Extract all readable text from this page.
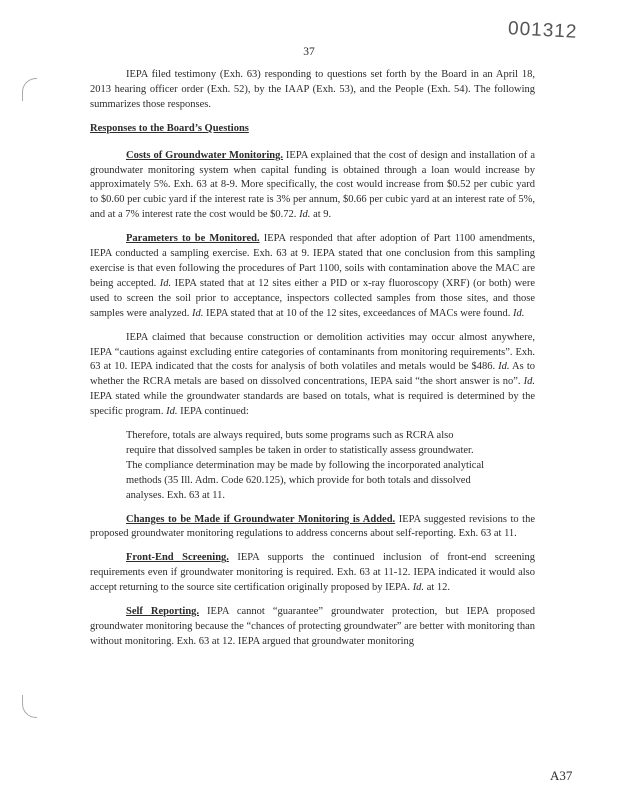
001312
37

IEPA filed testimony (Exh. 63) responding to questions set forth by the Board in an April 18, 2013 hearing officer order (Exh. 52), by the IAAP (Exh. 53), and the People (Exh. 54). The following summarizes those responses.

Responses to the Board’s Questions

Costs of Groundwater Monitoring. IEPA explained that the cost of design and installation of a groundwater monitoring system when capital funding is obtained through a loan would increase by approximately 5%. Exh. 63 at 8-9. More specifically, the cost would increase from $0.52 per cubic yard to $0.60 per cubic yard if the interest rate is 3% per annum, $0.66 per cubic yard at an interest rate of 5%, and at a 7% interest rate the cost would be $0.72. Id. at 9.

Parameters to be Monitored. IEPA responded that after adoption of Part 1100 amendments, IEPA conducted a sampling exercise. Exh. 63 at 9. IEPA stated that one conclusion from this sampling exercise is that even following the procedures of Part 1100, soils with contamination above the MAC are being accepted. Id. IEPA stated that at 12 sites either a PID or x-ray fluoroscopy (XRF) (or both) were used to screen the soil prior to acceptance, inspectors collected samples from those sites, and those samples were analyzed. Id. IEPA stated that at 10 of the 12 sites, exceedances of MACs were found. Id.

IEPA claimed that because construction or demolition activities may occur almost anywhere, IEPA “cautions against excluding entire categories of contaminants from monitoring requirements”. Exh. 63 at 10. IEPA indicated that the costs for analysis of both volatiles and metals would be $486. Id. As to whether the RCRA metals are based on dissolved concentrations, IEPA said “the short answer is no”. Id. IEPA stated while the groundwater standards are based on totals, what is required is determined by the specific program. Id. IEPA continued:

Therefore, totals are always required, buts some programs such as RCRA also require that dissolved samples be taken in order to statistically assess groundwater. The compliance determination may be made by following the incorporated analytical methods (35 Ill. Adm. Code 620.125), which provide for both totals and dissolved analyses. Exh. 63 at 11.

Changes to be Made if Groundwater Monitoring is Added. IEPA suggested revisions to the proposed groundwater monitoring regulations to address concerns about self-reporting. Exh. 63 at 11.

Front-End Screening. IEPA supports the continued inclusion of front-end screening requirements even if groundwater monitoring is required. Exh. 63 at 11-12. IEPA indicated it would also accept returning to the source site certification originally proposed by IEPA. Id. at 12.

Self Reporting. IEPA cannot “guarantee” groundwater protection, but IEPA proposed groundwater monitoring because the “chances of protecting groundwater” are better with monitoring than without monitoring. Exh. 63 at 12. IEPA argued that groundwater monitoring

A37
